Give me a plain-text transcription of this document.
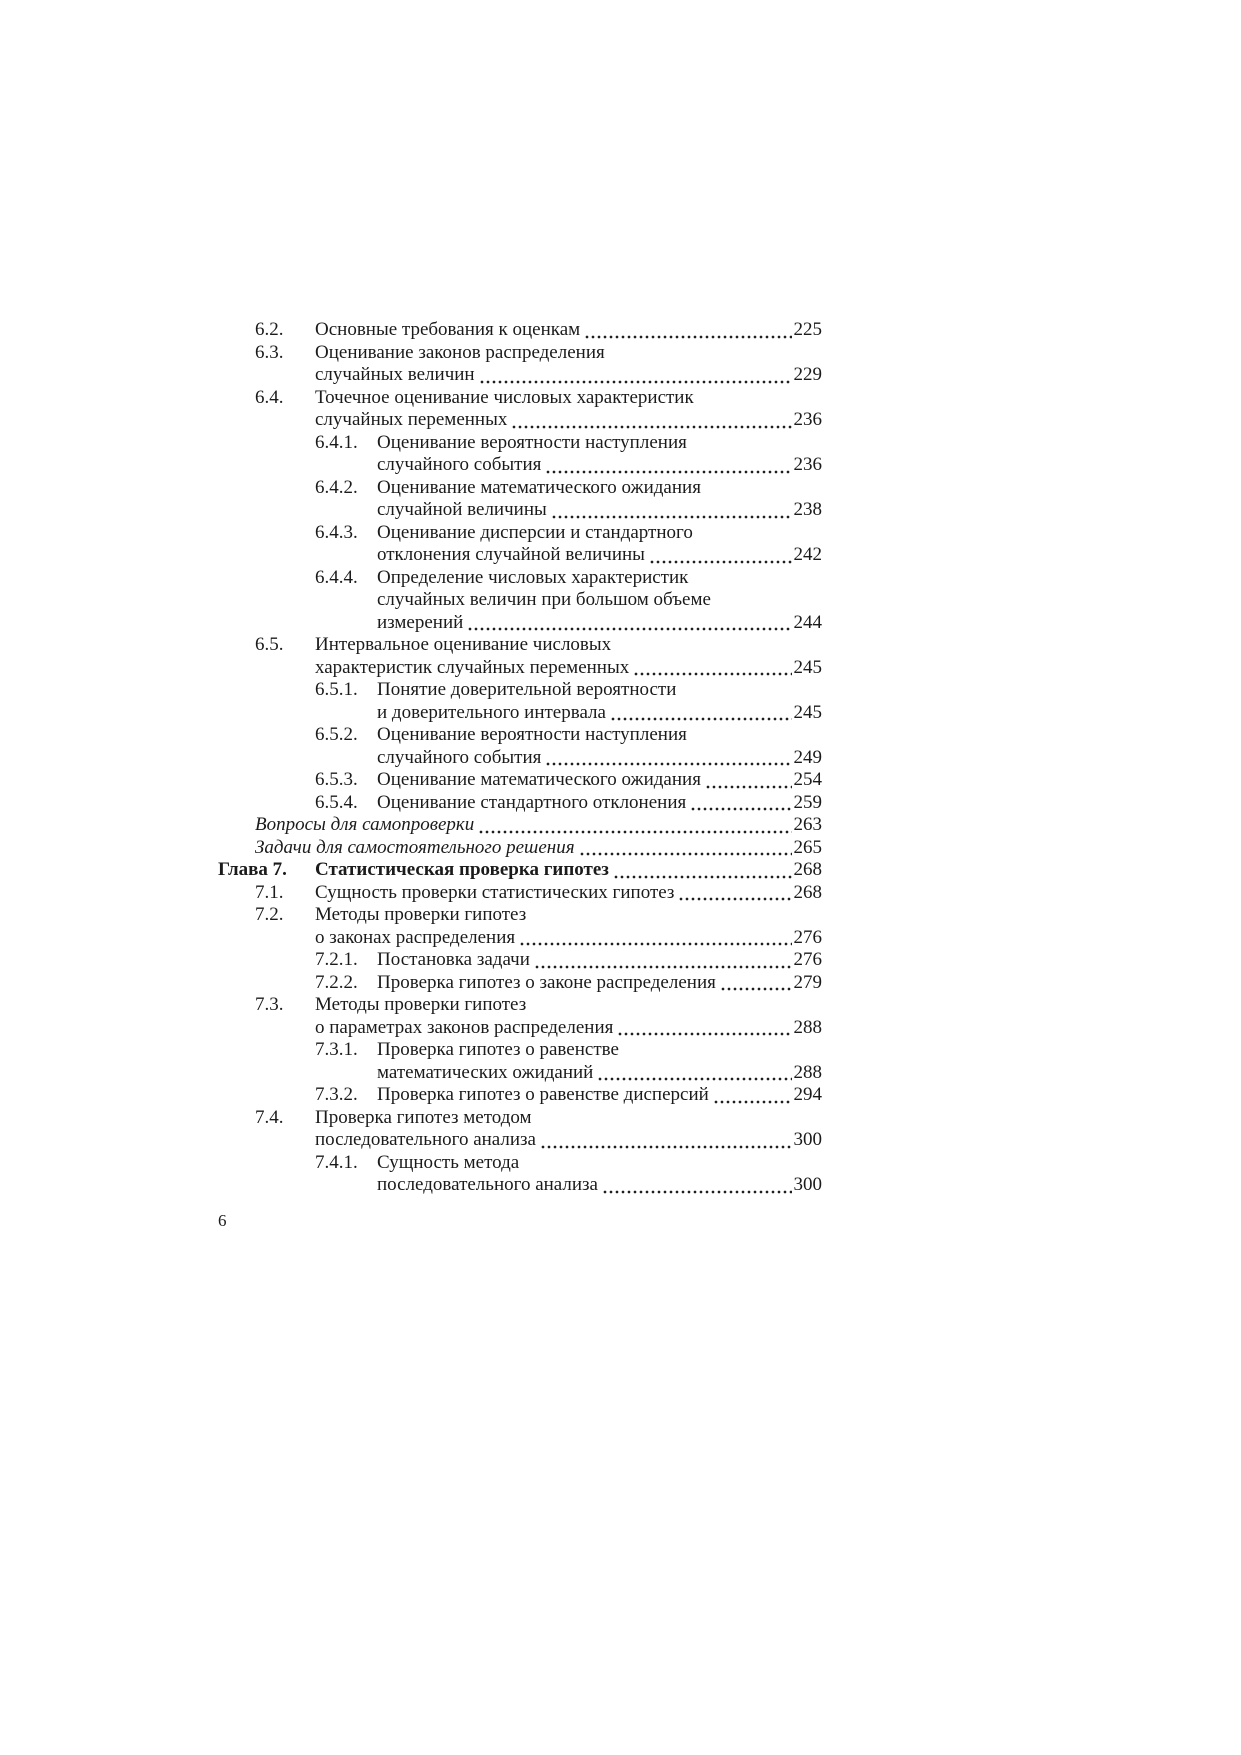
6.2.	Основные требования к оценкам	225
6.3.	Оценивание законов распределения
случайных величин	229
6.4.	Точечное оценивание числовых характеристик
случайных переменных	236
6.4.1.	Оценивание вероятности наступления
случайного события	236
6.4.2.	Оценивание математического ожидания
случайной величины	238
6.4.3.	Оценивание дисперсии и стандартного
отклонения случайной величины	242
6.4.4.	Определение числовых характеристик
случайных величин при большом объеме
измерений	244
6.5.	Интервальное оценивание числовых
характеристик случайных переменных	245
6.5.1.	Понятие доверительной вероятности
и доверительного интервала	245
6.5.2.	Оценивание вероятности наступления
случайного события	249
6.5.3.	Оценивание математического ожидания	254
6.5.4.	Оценивание стандартного отклонения	259
Вопросы для самопроверки	263
Задачи для самостоятельного решения	265
Глава 7.	Статистическая проверка гипотез	268
7.1.	Сущность проверки статистических гипотез	268
7.2.	Методы проверки гипотез
о законах распределения	276
7.2.1.	Постановка задачи	276
7.2.2.	Проверка гипотез о законе распределения	279
7.3.	Методы проверки гипотез
о параметрах законов распределения	288
7.3.1.	Проверка гипотез о равенстве
математических ожиданий	288
7.3.2.	Проверка гипотез о равенстве дисперсий	294
7.4.	Проверка гипотез методом
последовательного анализа	300
7.4.1.	Сущность метода
последовательного анализа	300
6
